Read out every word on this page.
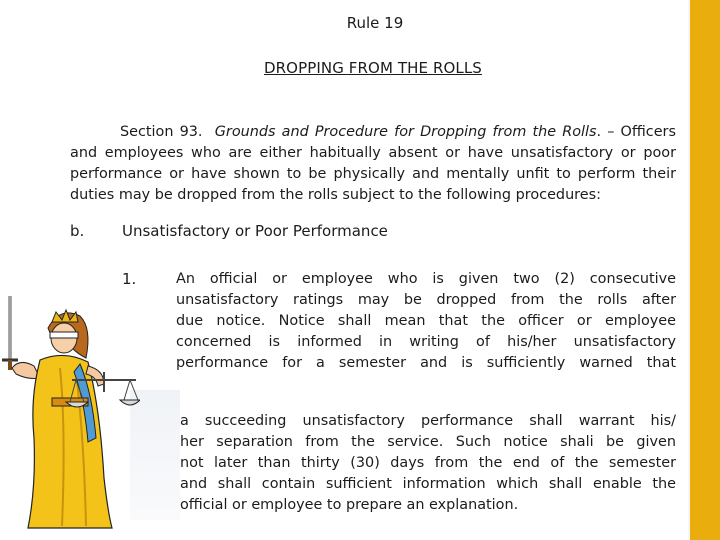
Rule 19
DROPPING FROM THE ROLLS
Section 93. Grounds and Procedure for Dropping from the Rolls. – Officers
and employees who are either habitually absent or have unsatisfactory or poor
performance or have shown to be physically and mentally unfit to perform their
duties may be dropped from the rolls subject to the following procedures:
b.	Unsatisfactory or Poor Performance
1.	An official or employee who is given two (2) consecutive
unsatisfactory ratings may be dropped from the rolls after
due notice. Notice shall mean that the officer or employee
concerned is informed in writing of his/her unsatisfactory
performance for a semester and is sufficiently warned that
a succeeding unsatisfactory performance shall warrant his/
her separation from the service. Such notice shali be given
not later than thirty (30) days from the end of the semester
and shall contain sufficient information which shall enable the
official or employee to prepare an explanation.
